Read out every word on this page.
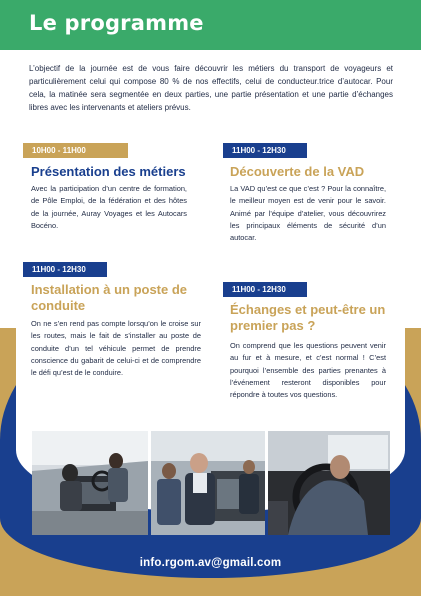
Le programme

L’objectif de la journée est de vous faire découvrir les métiers du transport de voyageurs et particulièrement celui qui compose 80 % de nos effectifs, celui de conducteur.trice d’autocar. Pour cela, la matinée sera segmentée en deux parties, une partie présentation et une partie d’échanges libres avec les intervenants et ateliers prévus.

10H00 - 11H00
Présentation des métiers

Avec la participation d’un centre de formation, de Pôle Emploi, de la fédération et des hôtes de la journée, Auray Voyages et les Autocars Bocéno.

11H00 - 12H30
Découverte de la VAD

La VAD qu’est ce que c’est ? Pour la connaître, le meilleur moyen est de venir pour le savoir. Animé par l’équipe d’atelier, vous découvrirez les principaux éléments de sécurité d’un autocar.

11H00 - 12H30
Installation à un poste de conduite

On ne s’en rend pas compte lorsqu’on le croise sur les routes, mais le fait de s’installer au poste de conduite d’un tel véhicule permet de prendre conscience du gabarit de celui-ci et de comprendre le défi qu’est de le conduire.

11H00 - 12H30
Échanges et peut-être un premier pas ?

On comprend que les questions peuvent venir au fur et à mesure, et c’est normal ! C’est pourquoi l’ensemble des parties prenantes à l’événement resteront disponibles pour répondre à toutes vos questions.

info.rgom.av@gmail.com
